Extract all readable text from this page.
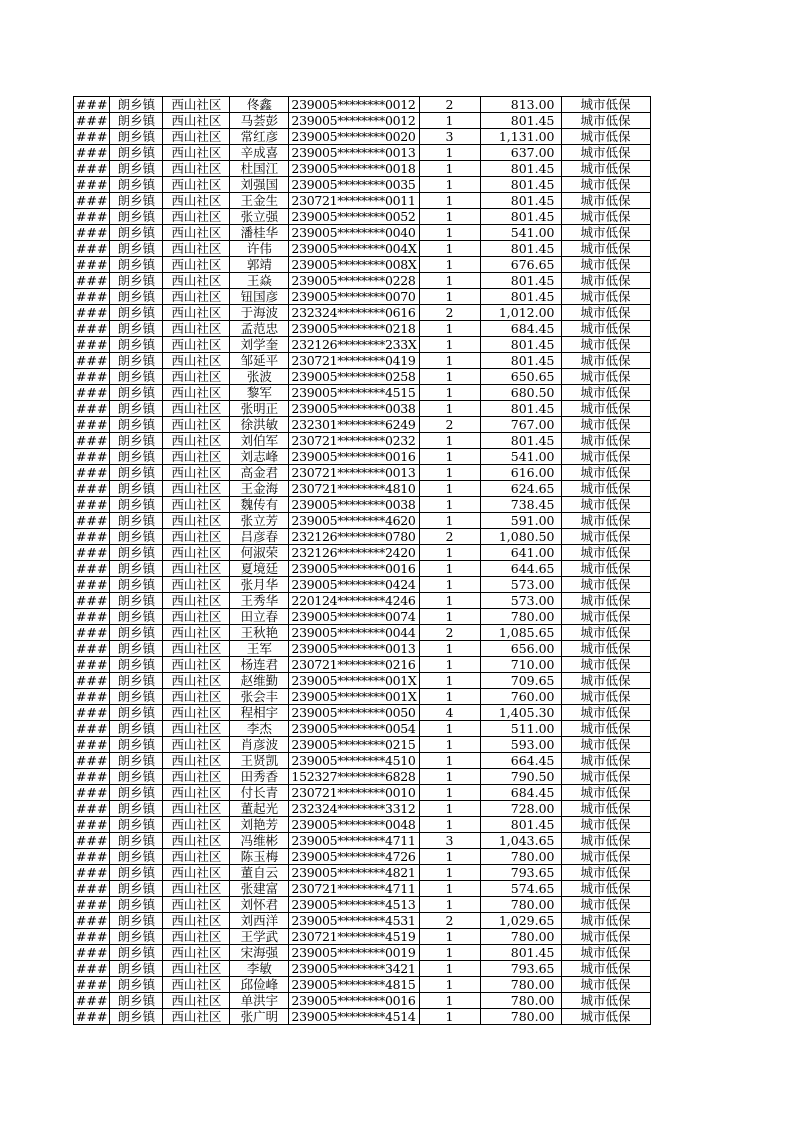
###	朗乡镇	西山社区	佟鑫	239005********0012	2	813.00	城市低保
###	朗乡镇	西山社区	马荟彭	239005********0012	1	801.45	城市低保
###	朗乡镇	西山社区	常红彦	239005********0020	3	1,131.00	城市低保
###	朗乡镇	西山社区	辛成喜	239005********0013	1	637.00	城市低保
###	朗乡镇	西山社区	杜国江	239005********0018	1	801.45	城市低保
###	朗乡镇	西山社区	刘强国	239005********0035	1	801.45	城市低保
###	朗乡镇	西山社区	王金生	230721********0011	1	801.45	城市低保
###	朗乡镇	西山社区	张立强	239005********0052	1	801.45	城市低保
###	朗乡镇	西山社区	潘桂华	239005********0040	1	541.00	城市低保
###	朗乡镇	西山社区	许伟	239005********004X	1	801.45	城市低保
###	朗乡镇	西山社区	郭靖	239005********008X	1	676.65	城市低保
###	朗乡镇	西山社区	王焱	239005********0228	1	801.45	城市低保
###	朗乡镇	西山社区	钮国彦	239005********0070	1	801.45	城市低保
###	朗乡镇	西山社区	于海波	232324********0616	2	1,012.00	城市低保
###	朗乡镇	西山社区	孟范忠	239005********0218	1	684.45	城市低保
###	朗乡镇	西山社区	刘学奎	232126********233X	1	801.45	城市低保
###	朗乡镇	西山社区	邹延平	230721********0419	1	801.45	城市低保
###	朗乡镇	西山社区	张波	239005********0258	1	650.65	城市低保
###	朗乡镇	西山社区	黎军	239005********4515	1	680.50	城市低保
###	朗乡镇	西山社区	张明正	239005********0038	1	801.45	城市低保
###	朗乡镇	西山社区	徐洪敏	232301********6249	2	767.00	城市低保
###	朗乡镇	西山社区	刘伯军	230721********0232	1	801.45	城市低保
###	朗乡镇	西山社区	刘志峰	239005********0016	1	541.00	城市低保
###	朗乡镇	西山社区	高金君	230721********0013	1	616.00	城市低保
###	朗乡镇	西山社区	王金海	230721********4810	1	624.65	城市低保
###	朗乡镇	西山社区	魏传有	239005********0038	1	738.45	城市低保
###	朗乡镇	西山社区	张立芳	239005********4620	1	591.00	城市低保
###	朗乡镇	西山社区	吕彦春	232126********0780	2	1,080.50	城市低保
###	朗乡镇	西山社区	何淑荣	232126********2420	1	641.00	城市低保
###	朗乡镇	西山社区	夏境廷	239005********0016	1	644.65	城市低保
###	朗乡镇	西山社区	张月华	239005********0424	1	573.00	城市低保
###	朗乡镇	西山社区	王秀华	220124********4246	1	573.00	城市低保
###	朗乡镇	西山社区	田立春	239005********0074	1	780.00	城市低保
###	朗乡镇	西山社区	王秋艳	239005********0044	2	1,085.65	城市低保
###	朗乡镇	西山社区	王军	239005********0013	1	656.00	城市低保
###	朗乡镇	西山社区	杨连君	230721********0216	1	710.00	城市低保
###	朗乡镇	西山社区	赵维勤	239005********001X	1	709.65	城市低保
###	朗乡镇	西山社区	张会丰	239005********001X	1	760.00	城市低保
###	朗乡镇	西山社区	程相宇	239005********0050	4	1,405.30	城市低保
###	朗乡镇	西山社区	李杰	239005********0054	1	511.00	城市低保
###	朗乡镇	西山社区	肖彦波	239005********0215	1	593.00	城市低保
###	朗乡镇	西山社区	王贤凯	239005********4510	1	664.45	城市低保
###	朗乡镇	西山社区	田秀香	152327********6828	1	790.50	城市低保
###	朗乡镇	西山社区	付长青	230721********0010	1	684.45	城市低保
###	朗乡镇	西山社区	董起光	232324********3312	1	728.00	城市低保
###	朗乡镇	西山社区	刘艳芳	239005********0048	1	801.45	城市低保
###	朗乡镇	西山社区	冯维彬	239005********4711	3	1,043.65	城市低保
###	朗乡镇	西山社区	陈玉梅	239005********4726	1	780.00	城市低保
###	朗乡镇	西山社区	董自云	239005********4821	1	793.65	城市低保
###	朗乡镇	西山社区	张建富	230721********4711	1	574.65	城市低保
###	朗乡镇	西山社区	刘怀君	239005********4513	1	780.00	城市低保
###	朗乡镇	西山社区	刘西洋	239005********4531	2	1,029.65	城市低保
###	朗乡镇	西山社区	王学武	230721********4519	1	780.00	城市低保
###	朗乡镇	西山社区	宋海强	239005********0019	1	801.45	城市低保
###	朗乡镇	西山社区	李敏	239005********3421	1	793.65	城市低保
###	朗乡镇	西山社区	邱俭峰	239005********4815	1	780.00	城市低保
###	朗乡镇	西山社区	单洪宇	239005********0016	1	780.00	城市低保
###	朗乡镇	西山社区	张广明	239005********4514	1	780.00	城市低保
